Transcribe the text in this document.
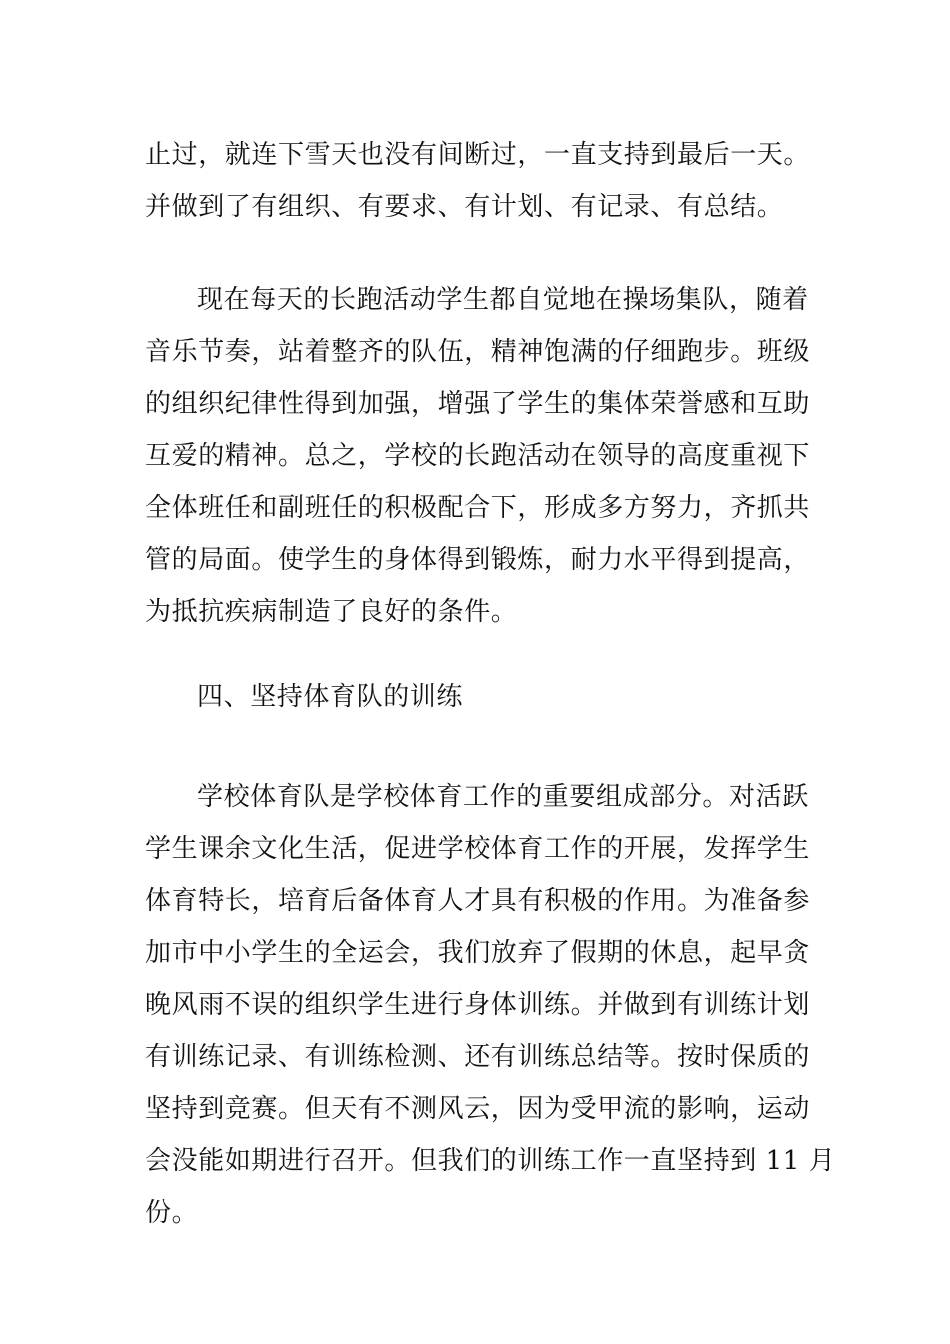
止过，就连下雪天也没有间断过，一直支持到最后一天。
并做到了有组织、有要求、有计划、有记录、有总结。

现在每天的长跑活动学生都自觉地在操场集队，随着
音乐节奏，站着整齐的队伍，精神饱满的仔细跑步。班级
的组织纪律性得到加强，增强了学生的集体荣誉感和互助
互爱的精神。总之，学校的长跑活动在领导的高度重视下
全体班任和副班任的积极配合下，形成多方努力，齐抓共
管的局面。使学生的身体得到锻炼，耐力水平得到提高，
为抵抗疾病制造了良好的条件。

四、坚持体育队的训练

学校体育队是学校体育工作的重要组成部分。对活跃
学生课余文化生活，促进学校体育工作的开展，发挥学生
体育特长，培育后备体育人才具有积极的作用。为准备参
加市中小学生的全运会，我们放弃了假期的休息，起早贪
晚风雨不误的组织学生进行身体训练。并做到有训练计划
有训练记录、有训练检测、还有训练总结等。按时保质的
坚持到竞赛。但天有不测风云，因为受甲流的影响，运动
会没能如期进行召开。但我们的训练工作一直坚持到 11 月
份。
